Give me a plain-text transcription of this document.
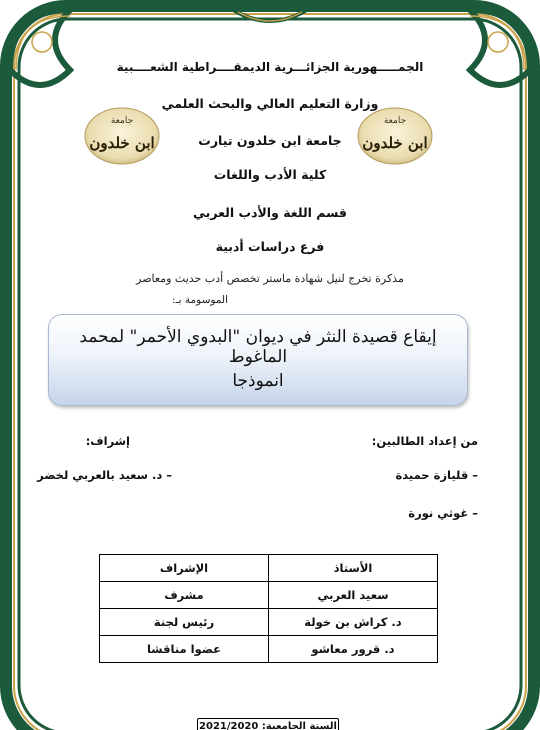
الجمـــــهورية الجزائـــرية الديمقــــراطية الشعــــبية
وزارة التعليم العالي والبحث العلمي
جامعة ابن خلدون تيارت
كلية الأدب واللغات
قسم اللغة والأدب العربي
فرع دراسات أدبية
جامعة
ابن خلدون
جامعة
ابن خلدون
مذكرة تخرج لنيل شهادة ماستر تخصص أدب حديث ومعاصر
الموسومة بـ:
إيقاع قصيدة النثر في ديوان "البدوي الأحمر" لمحمد الماغوط
انموذجا
من إعداد الطالبين:
– قليازة حميدة
– غوثي نورة
إشراف:
– د. سعيد بالعربي لخضر
الأستاذ	الإشراف
سعيد العربي	مشرف
د. كراش بن خولة	رئيس لجنة
د. قرور معاشو	عضوا مناقشا
السنة الجامعية: 2021/2020
